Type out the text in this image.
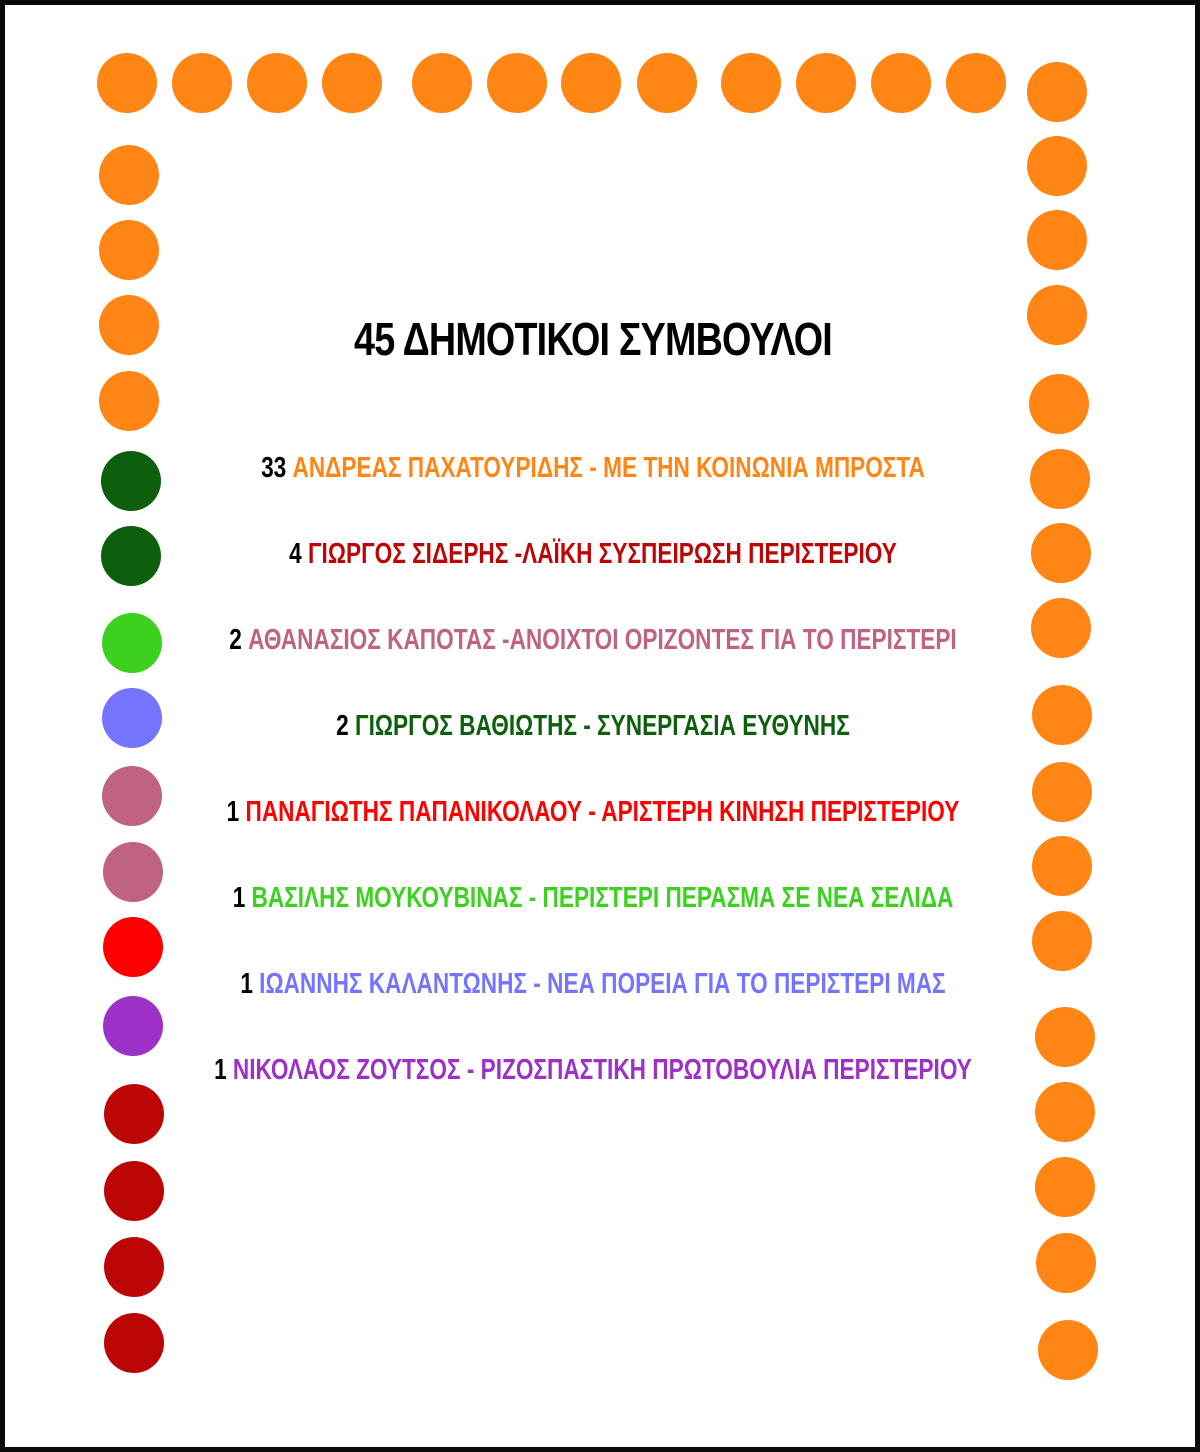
45 ΔΗΜΟΤΙΚΟΙ ΣΥΜΒΟΥΛΟΙ
33 ΑΝΔΡΕΑΣ ΠΑΧΑΤΟΥΡΙΔΗΣ - ΜΕ ΤΗΝ ΚΟΙΝΩΝΙΑ ΜΠΡΟΣΤΑ
4 ΓΙΩΡΓΟΣ ΣΙΔΕΡΗΣ -ΛΑΪΚΗ ΣΥΣΠΕΙΡΩΣΗ ΠΕΡΙΣΤΕΡΙΟΥ
2 ΑΘΑΝΑΣΙΟΣ ΚΑΠΟΤΑΣ -ΑΝΟΙΧΤΟΙ ΟΡΙΖΟΝΤΕΣ ΓΙΑ ΤΟ ΠΕΡΙΣΤΕΡΙ
2 ΓΙΩΡΓΟΣ ΒΑΘΙΩΤΗΣ - ΣΥΝΕΡΓΑΣΙΑ ΕΥΘΥΝΗΣ
1 ΠΑΝΑΓΙΩΤΗΣ ΠΑΠΑΝΙΚΟΛΑΟΥ - ΑΡΙΣΤΕΡΗ ΚΙΝΗΣΗ ΠΕΡΙΣΤΕΡΙΟΥ
1 ΒΑΣΙΛΗΣ ΜΟΥΚΟΥΒΙΝΑΣ - ΠΕΡΙΣΤΕΡΙ ΠΕΡΑΣΜΑ ΣΕ ΝΕΑ ΣΕΛΙΔΑ
1 ΙΩΑΝΝΗΣ ΚΑΛΑΝΤΩΝΗΣ - ΝΕΑ ΠΟΡΕΙΑ ΓΙΑ ΤΟ ΠΕΡΙΣΤΕΡΙ ΜΑΣ
1 ΝΙΚΟΛΑΟΣ ΖΟΥΤΣΟΣ - ΡΙΖΟΣΠΑΣΤΙΚΗ ΠΡΩΤΟΒΟΥΛΙΑ ΠΕΡΙΣΤΕΡΙΟΥ
